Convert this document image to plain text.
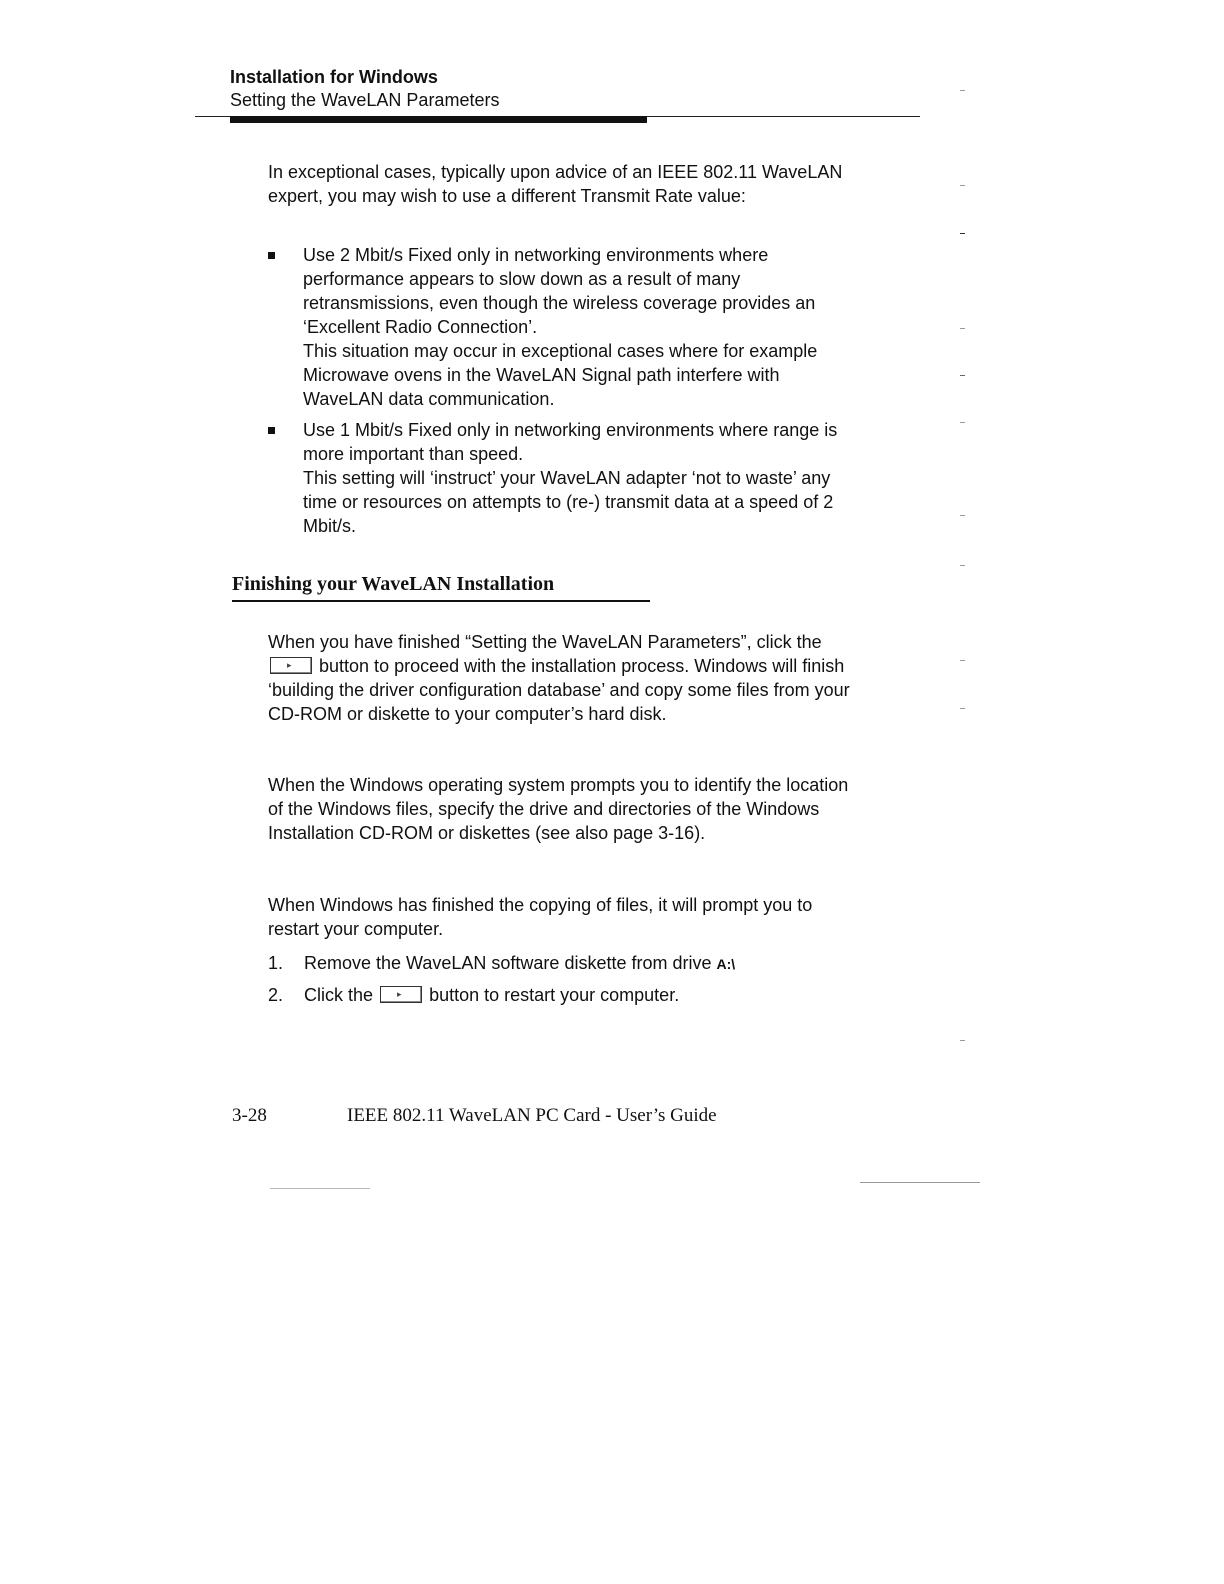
Installation for Windows

Setting the WaveLAN Parameters

In exceptional cases, typically upon advice of an IEEE 802.11 WaveLAN expert, you may wish to use a different Transmit Rate value:

Use 2 Mbit/s Fixed only in networking environments where performance appears to slow down as a result of many retransmissions, even though the wireless coverage provides an ‘Excellent Radio Connection’.
This situation may occur in exceptional cases where for example Microwave ovens in the WaveLAN Signal path interfere with WaveLAN data communication.
Use 1 Mbit/s Fixed only in networking environments where range is more important than speed.
This setting will ‘instruct’ your WaveLAN adapter ‘not to waste’ any time or resources on attempts to (re-) transmit data at a speed of 2 Mbit/s.
Finishing your WaveLAN Installation

When you have finished “Setting the WaveLAN Parameters”, click the
▸ button to proceed with the installation process. Windows will finish ‘building the driver configuration database’ and copy some files from your CD-ROM or diskette to your computer’s hard disk.

When the Windows operating system prompts you to identify the location of the Windows files, specify the drive and directories of the Windows Installation CD-ROM or diskettes (see also page 3-16).

When Windows has finished the copying of files, it will prompt you to restart your computer.

1. Remove the WaveLAN software diskette from drive A:\
2. Click the	▸ button to restart your computer.
3-28	IEEE 802.11 WaveLAN PC Card - User’s Guide
